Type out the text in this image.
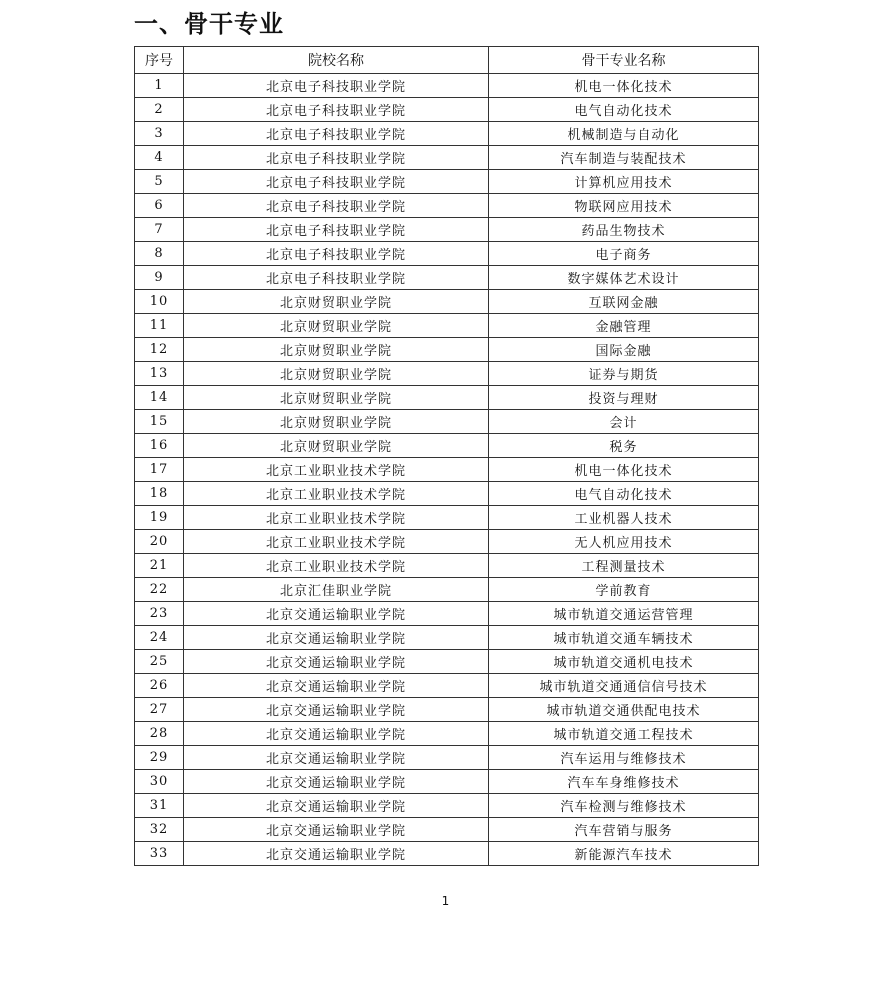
一、骨干专业
序号	院校名称	骨干专业名称
1	北京电子科技职业学院	机电一体化技术
2	北京电子科技职业学院	电气自动化技术
3	北京电子科技职业学院	机械制造与自动化
4	北京电子科技职业学院	汽车制造与装配技术
5	北京电子科技职业学院	计算机应用技术
6	北京电子科技职业学院	物联网应用技术
7	北京电子科技职业学院	药品生物技术
8	北京电子科技职业学院	电子商务
9	北京电子科技职业学院	数字媒体艺术设计
10	北京财贸职业学院	互联网金融
11	北京财贸职业学院	金融管理
12	北京财贸职业学院	国际金融
13	北京财贸职业学院	证券与期货
14	北京财贸职业学院	投资与理财
15	北京财贸职业学院	会计
16	北京财贸职业学院	税务
17	北京工业职业技术学院	机电一体化技术
18	北京工业职业技术学院	电气自动化技术
19	北京工业职业技术学院	工业机器人技术
20	北京工业职业技术学院	无人机应用技术
21	北京工业职业技术学院	工程测量技术
22	北京汇佳职业学院	学前教育
23	北京交通运输职业学院	城市轨道交通运营管理
24	北京交通运输职业学院	城市轨道交通车辆技术
25	北京交通运输职业学院	城市轨道交通机电技术
26	北京交通运输职业学院	城市轨道交通通信信号技术
27	北京交通运输职业学院	城市轨道交通供配电技术
28	北京交通运输职业学院	城市轨道交通工程技术
29	北京交通运输职业学院	汽车运用与维修技术
30	北京交通运输职业学院	汽车车身维修技术
31	北京交通运输职业学院	汽车检测与维修技术
32	北京交通运输职业学院	汽车营销与服务
33	北京交通运输职业学院	新能源汽车技术
1
